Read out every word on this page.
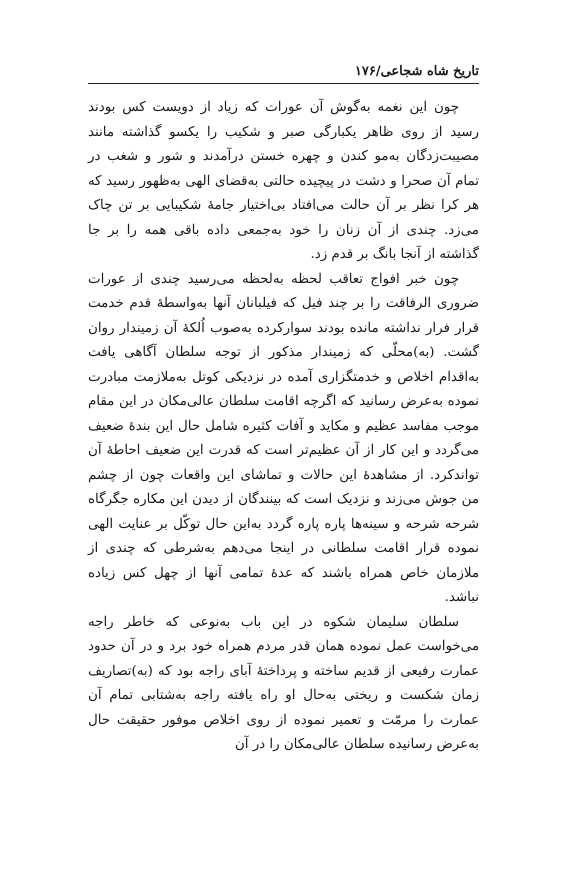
تاریخ شاه شجاعی/۱۷۶

چون این نغمه به‌گوش آن عورات که زیاد از دویست کس بودند رسید از روی ظاهر یکبارگی صبر و شکیب را یکسو گذاشته مانند مصیبت‌زدگان به‌مو کندن و چهره خستن درآمدند و شور و شغب در تمام آن صحرا و دشت در پیچیده حالتی به‌قضای الهی به‌ظهور رسید که هر کرا نظر بر آن حالت می‌افتاد بی‌اختیار جامهٔ شکیبایی بر تن چاک می‌زد. چندی از آن زنان را خود به‌جمعی داده باقی همه را بر جا گذاشته از آنجا بانگ بر قدم زد.

چون خبر افواج تعاقب لحظه به‌لحظه می‌رسید چندی از عورات ضروری الرفاقت را بر چند فیل که فیلبانان آنها به‌واسطهٔ قدم خدمت قرار فرار نداشته مانده بودند سوارکرده به‌صوب اُلکهٔ آن زمیندار روان گشت. (به)محلّی که زمیندار مذکور از توجه سلطان آگاهی یافت به‌اقدام اخلاص و خدمتگزاری آمده در نزدیکی کوتل به‌ملازمت مبادرت نموده به‌عرض رسانید که اگرچه اقامت سلطان عالی‌مکان در این مقام موجب مفاسد عظیم و مکاید و آفات کثیره شامل حال این بندهٔ ضعیف می‌گردد و این کار از آن عظیم‌تر است که قدرت این ضعیف احاطهٔ آن تواندکرد. از مشاهدهٔ این حالات و تماشای این واقعات چون از چشم من جوش می‌زند و نزدیک است که بینندگان از دیدن این مکاره جگرگاه شرحه شرحه و سینه‌ها پاره پاره گردد به‌این حال توکّل بر عنایت الهی نموده قرار اقامت سلطانی در اینجا می‌دهم به‌شرطی که چندی از ملازمان خاص همراه باشند که عدهٔ تمامی آنها از چهل کس زیاده نباشد.

سلطان سلیمان شکوه در این باب به‌نوعی که خاطر راجه می‌خواست عمل نموده همان قدر مردم همراه خود برد و در آن حدود عمارت رفیعی از قدیم ساخته و پرداختهٔ آبای راجه بود که (به)تصاریف زمان شکست و ریختی به‌حال او راه یافته راجه به‌شتابی تمام آن عمارت را مرمّت و تعمیر نموده از روی اخلاص موفور حقیقت حال به‌عرض رسانیده سلطان عالی‌مکان را در آن
